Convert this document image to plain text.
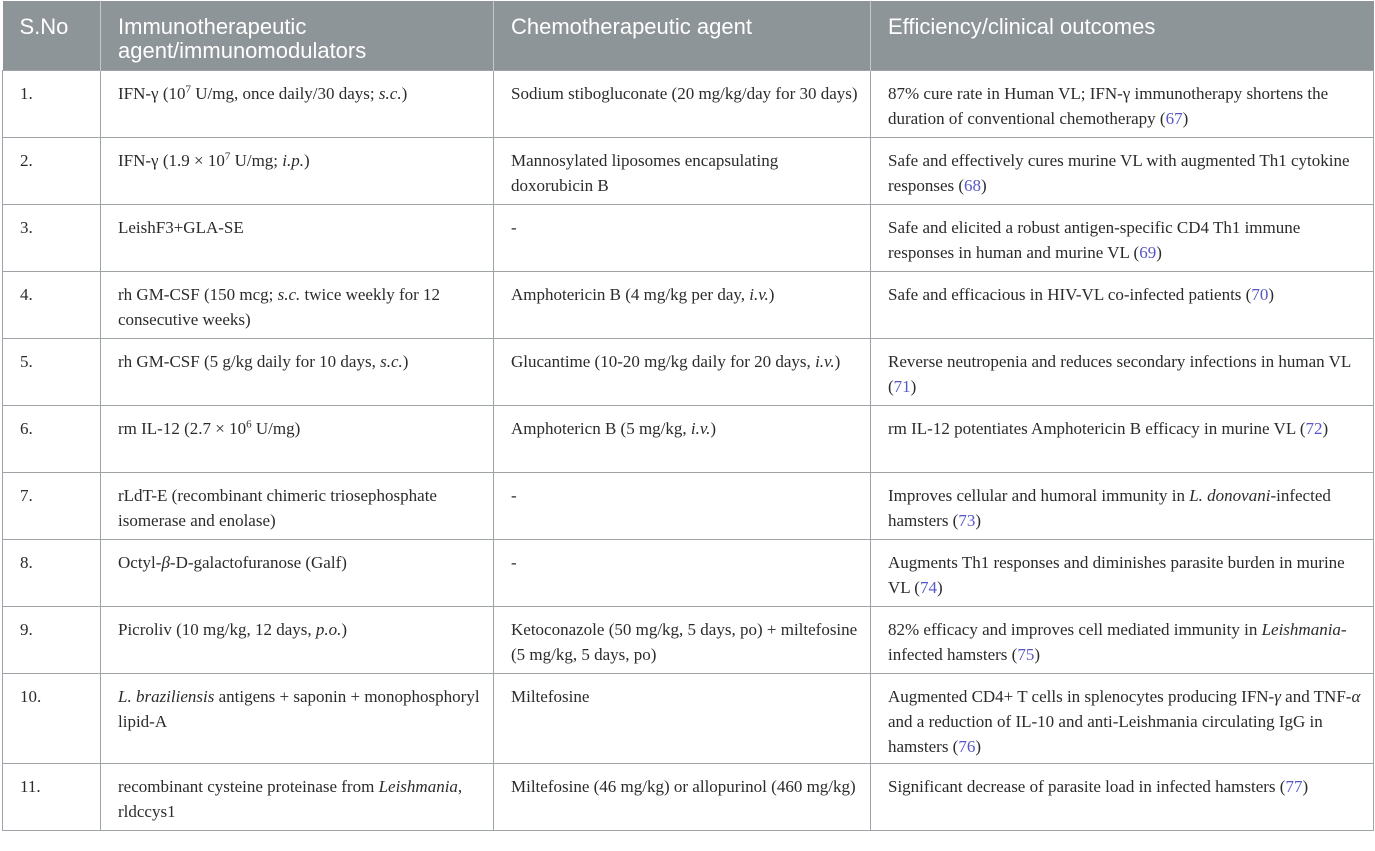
S.No	Immunotherapeutic agent/immunomodulators	Chemotherapeutic agent	Efficiency/clinical outcomes
1.	IFN-γ ($10^7$ U/mg, once daily/30 days; s.c.)	Sodium stibogluconate (20 mg/kg/day for 30 days)	87% cure rate in Human VL; IFN-γ immunotherapy shortens the duration of conventional chemotherapy (67)
2.	IFN-γ ($1.9 \times 10^7$ U/mg; i.p.)	Mannosylated liposomes encapsulating doxorubicin B	Safe and effectively cures murine VL with augmented Th1 cytokine responses (68)
3.	LeishF3+GLA-SE	-	Safe and elicited a robust antigen-specific CD4 Th1 immune responses in human and murine VL (69)
4.	rh GM-CSF (150 mcg; s.c. twice weekly for 12 consecutive weeks)	Amphotericin B (4 mg/kg per day, i.v.)	Safe and efficacious in HIV-VL co-infected patients (70)
5.	rh GM-CSF (5 g/kg daily for 10 days, s.c.)	Glucantime (10-20 mg/kg daily for 20 days, i.v.)	Reverse neutropenia and reduces secondary infections in human VL (71)
6.	rm IL-12 ($2.7 \times 10^6$ U/mg)	Amphotericn B (5 mg/kg, i.v.)	rm IL-12 potentiates Amphotericin B efficacy in murine VL (72)
7.	rLdT-E (recombinant chimeric triosephosphate isomerase and enolase)	-	Improves cellular and humoral immunity in L. donovani-infected hamsters (73)
8.	Octyl-β-D-galactofuranose (Galf)	-	Augments Th1 responses and diminishes parasite burden in murine VL (74)
9.	Picroliv (10 mg/kg, 12 days, p.o.)	Ketoconazole (50 mg/kg, 5 days, po) + miltefosine (5 mg/kg, 5 days, po)	82% efficacy and improves cell mediated immunity in Leishmania-infected hamsters (75)
10.	L. braziliensis antigens + saponin + monophosphoryl lipid-A	Miltefosine	Augmented CD4+ T cells in splenocytes producing IFN-γ and TNF-α and a reduction of IL-10 and anti-Leishmania circulating IgG in hamsters (76)
11.	recombinant cysteine proteinase from Leishmania, rldccys1	Miltefosine (46 mg/kg) or allopurinol (460 mg/kg)	Significant decrease of parasite load in infected hamsters (77)
